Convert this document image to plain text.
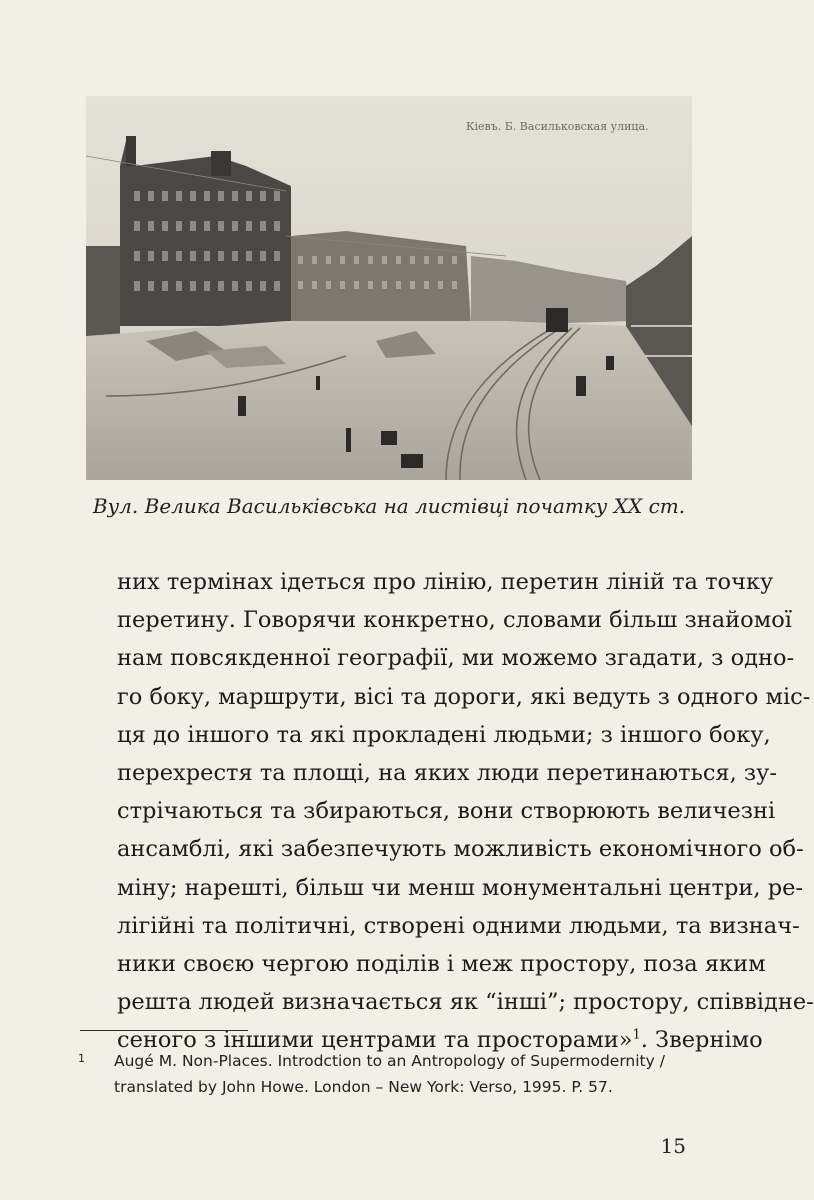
Кiевъ. Б. Васильковская улица.
Вул. Велика Васильківська на листівці початку XX ст.
них термінах ідеться про лінію, перетин ліній та точку
перетину. Говорячи конкретно, словами більш знайомої
нам повсякденної географії, ми можемо згадати, з одно-
го боку, маршрути, вісі та дороги, які ведуть з одного міс-
ця до іншого та які прокладені людьми; з іншого боку,
перехрестя та площі, на яких люди перетинаються, зу-
стрічаються та збираються, вони створюють величезні
ансамблі, які забезпечують можливість економічного об-
міну; нарешті, більш чи менш монументальні центри, ре-
лігійні та політичні, створені одними людьми, та визнач-
ники своєю чергою поділів і меж простору, поза яким
решта людей визначається як “інші”; простору, співвідне-
сеного з іншими центрами та просторами»$^1$. Звернімо
1 Augé M. Non-Places. Introdction to an Antropology of Supermodernity /
translated by John Howe. London – New York: Verso, 1995. P. 57.
15
